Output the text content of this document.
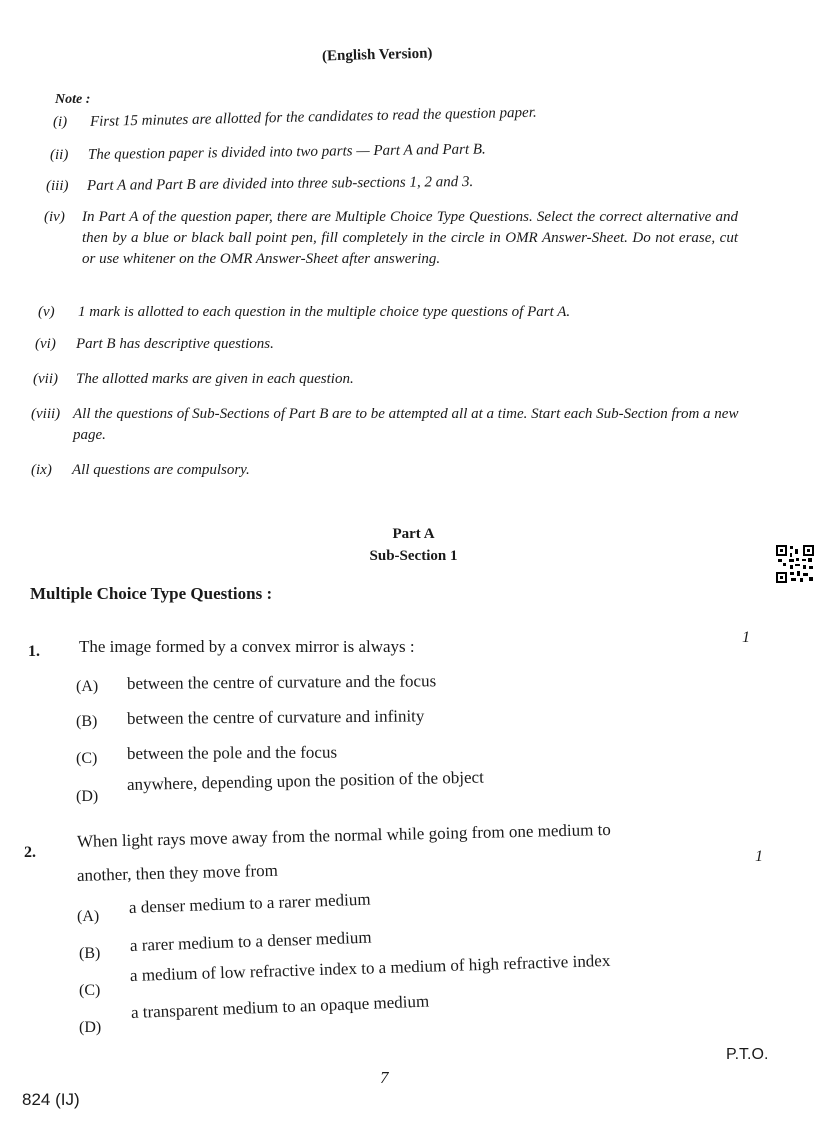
(English Version)
Note :
(i) First 15 minutes are allotted for the candidates to read the question paper.
(ii) The question paper is divided into two parts — Part A and Part B.
(iii) Part A and Part B are divided into three sub-sections 1, 2 and 3.
(iv) In Part A of the question paper, there are Multiple Choice Type Questions. Select the correct alternative and then by a blue or black ball point pen, fill completely in the circle in OMR Answer-Sheet. Do not erase, cut or use whitener on the OMR Answer-Sheet after answering.
(v) 1 mark is allotted to each question in the multiple choice type questions of Part A.
(vi) Part B has descriptive questions.
(vii) The allotted marks are given in each question.
(viii) All the questions of Sub-Sections of Part B are to be attempted all at a time. Start each Sub-Section from a new page.
(ix) All questions are compulsory.
Part A
Sub-Section 1
Multiple Choice Type Questions :
1. The image formed by a convex mirror is always :	1
(A) between the centre of curvature and the focus
(B) between the centre of curvature and infinity
(C) between the pole and the focus
(D)
anywhere, depending upon the position of the object
2.
When light rays move away from the normal while going from one medium to
another, then they move from
1
(A) a denser medium to a rarer medium
(B) a rarer medium to a denser medium
(C)
a medium of low refractive index to a medium of high refractive index
(D)
a transparent medium to an opaque medium
P.T.O.
7
824 (IJ)
